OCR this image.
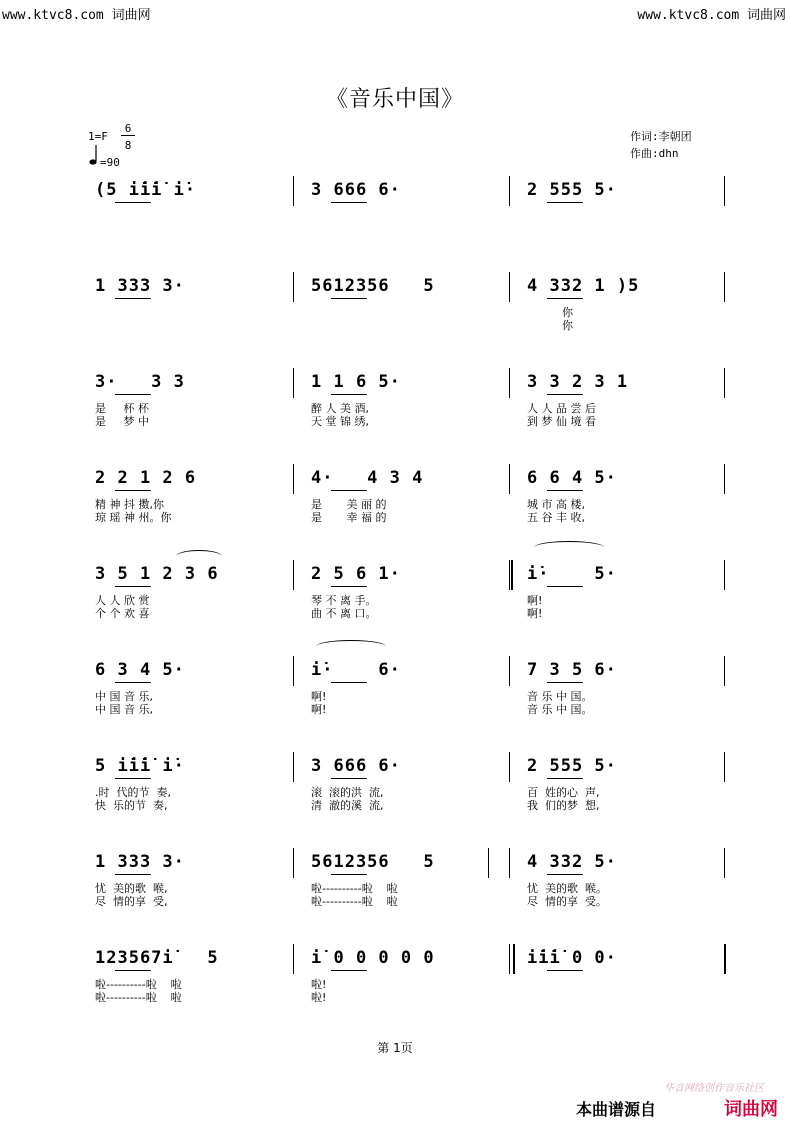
www.ktvc8.com 词曲网	www.ktvc8.com 词曲网
《音乐中国》
1=F
6
8
=90
作词:李朝团
作曲:dhn
(5 i̇i̇i̇ i̇·	3 666 6·	2 555 5·
1 333 3·	5612356   5	4 332 1 )5
你
你
3·   3 3
是     杯 杯
是     梦 中
1 1 6 5·
醉 人 美 酒,
天 堂 锦 绣,
3 3 2 3 1
人 人 品 尝 后
到 梦 仙 境 看
2 2 1 2 6
精 神 抖 擞,你
琼 瑶 神 州。你
4·   4 3 4
是       美 丽 的
是       幸 福 的
6 6 4 5·
城 市 高 楼,
五 谷 丰 收,
3 5 1 2 3 6
人 人 欣 赏
个 个 欢 喜
2 5 6 1·
琴 不 离 手。
曲 不 离 口。
i̇·    5·
啊!
啊!
6 3 4 5·
中 国 音 乐,
中 国 音 乐,
i̇·    6·
啊!
啊!
7 3 5 6·
音 乐 中 国。
音 乐 中 国。
5 i̇i̇i̇ i̇·
.时  代的节  奏,
快  乐的节  奏,
3 666 6·
滚  滚的洪  流,
清  澈的溪  流,
2 555 5·
百  姓的心  声,
我  们的梦  想,
1 333 3·
忧  美的歌  喉,
尽  情的享  受,
5612356   5
啦----------啦    啦
啦----------啦    啦
4 332 5·
忧  美的歌  喉。
尽  情的享  受。
123567i̇   5
啦----------啦    啦
啦----------啦    啦
i̇ 0 0 0 0 0
啦!
啦!
i̇i̇i̇ 0 0·
第 1页
华音网络创作音乐社区
本曲谱源自	词曲网
